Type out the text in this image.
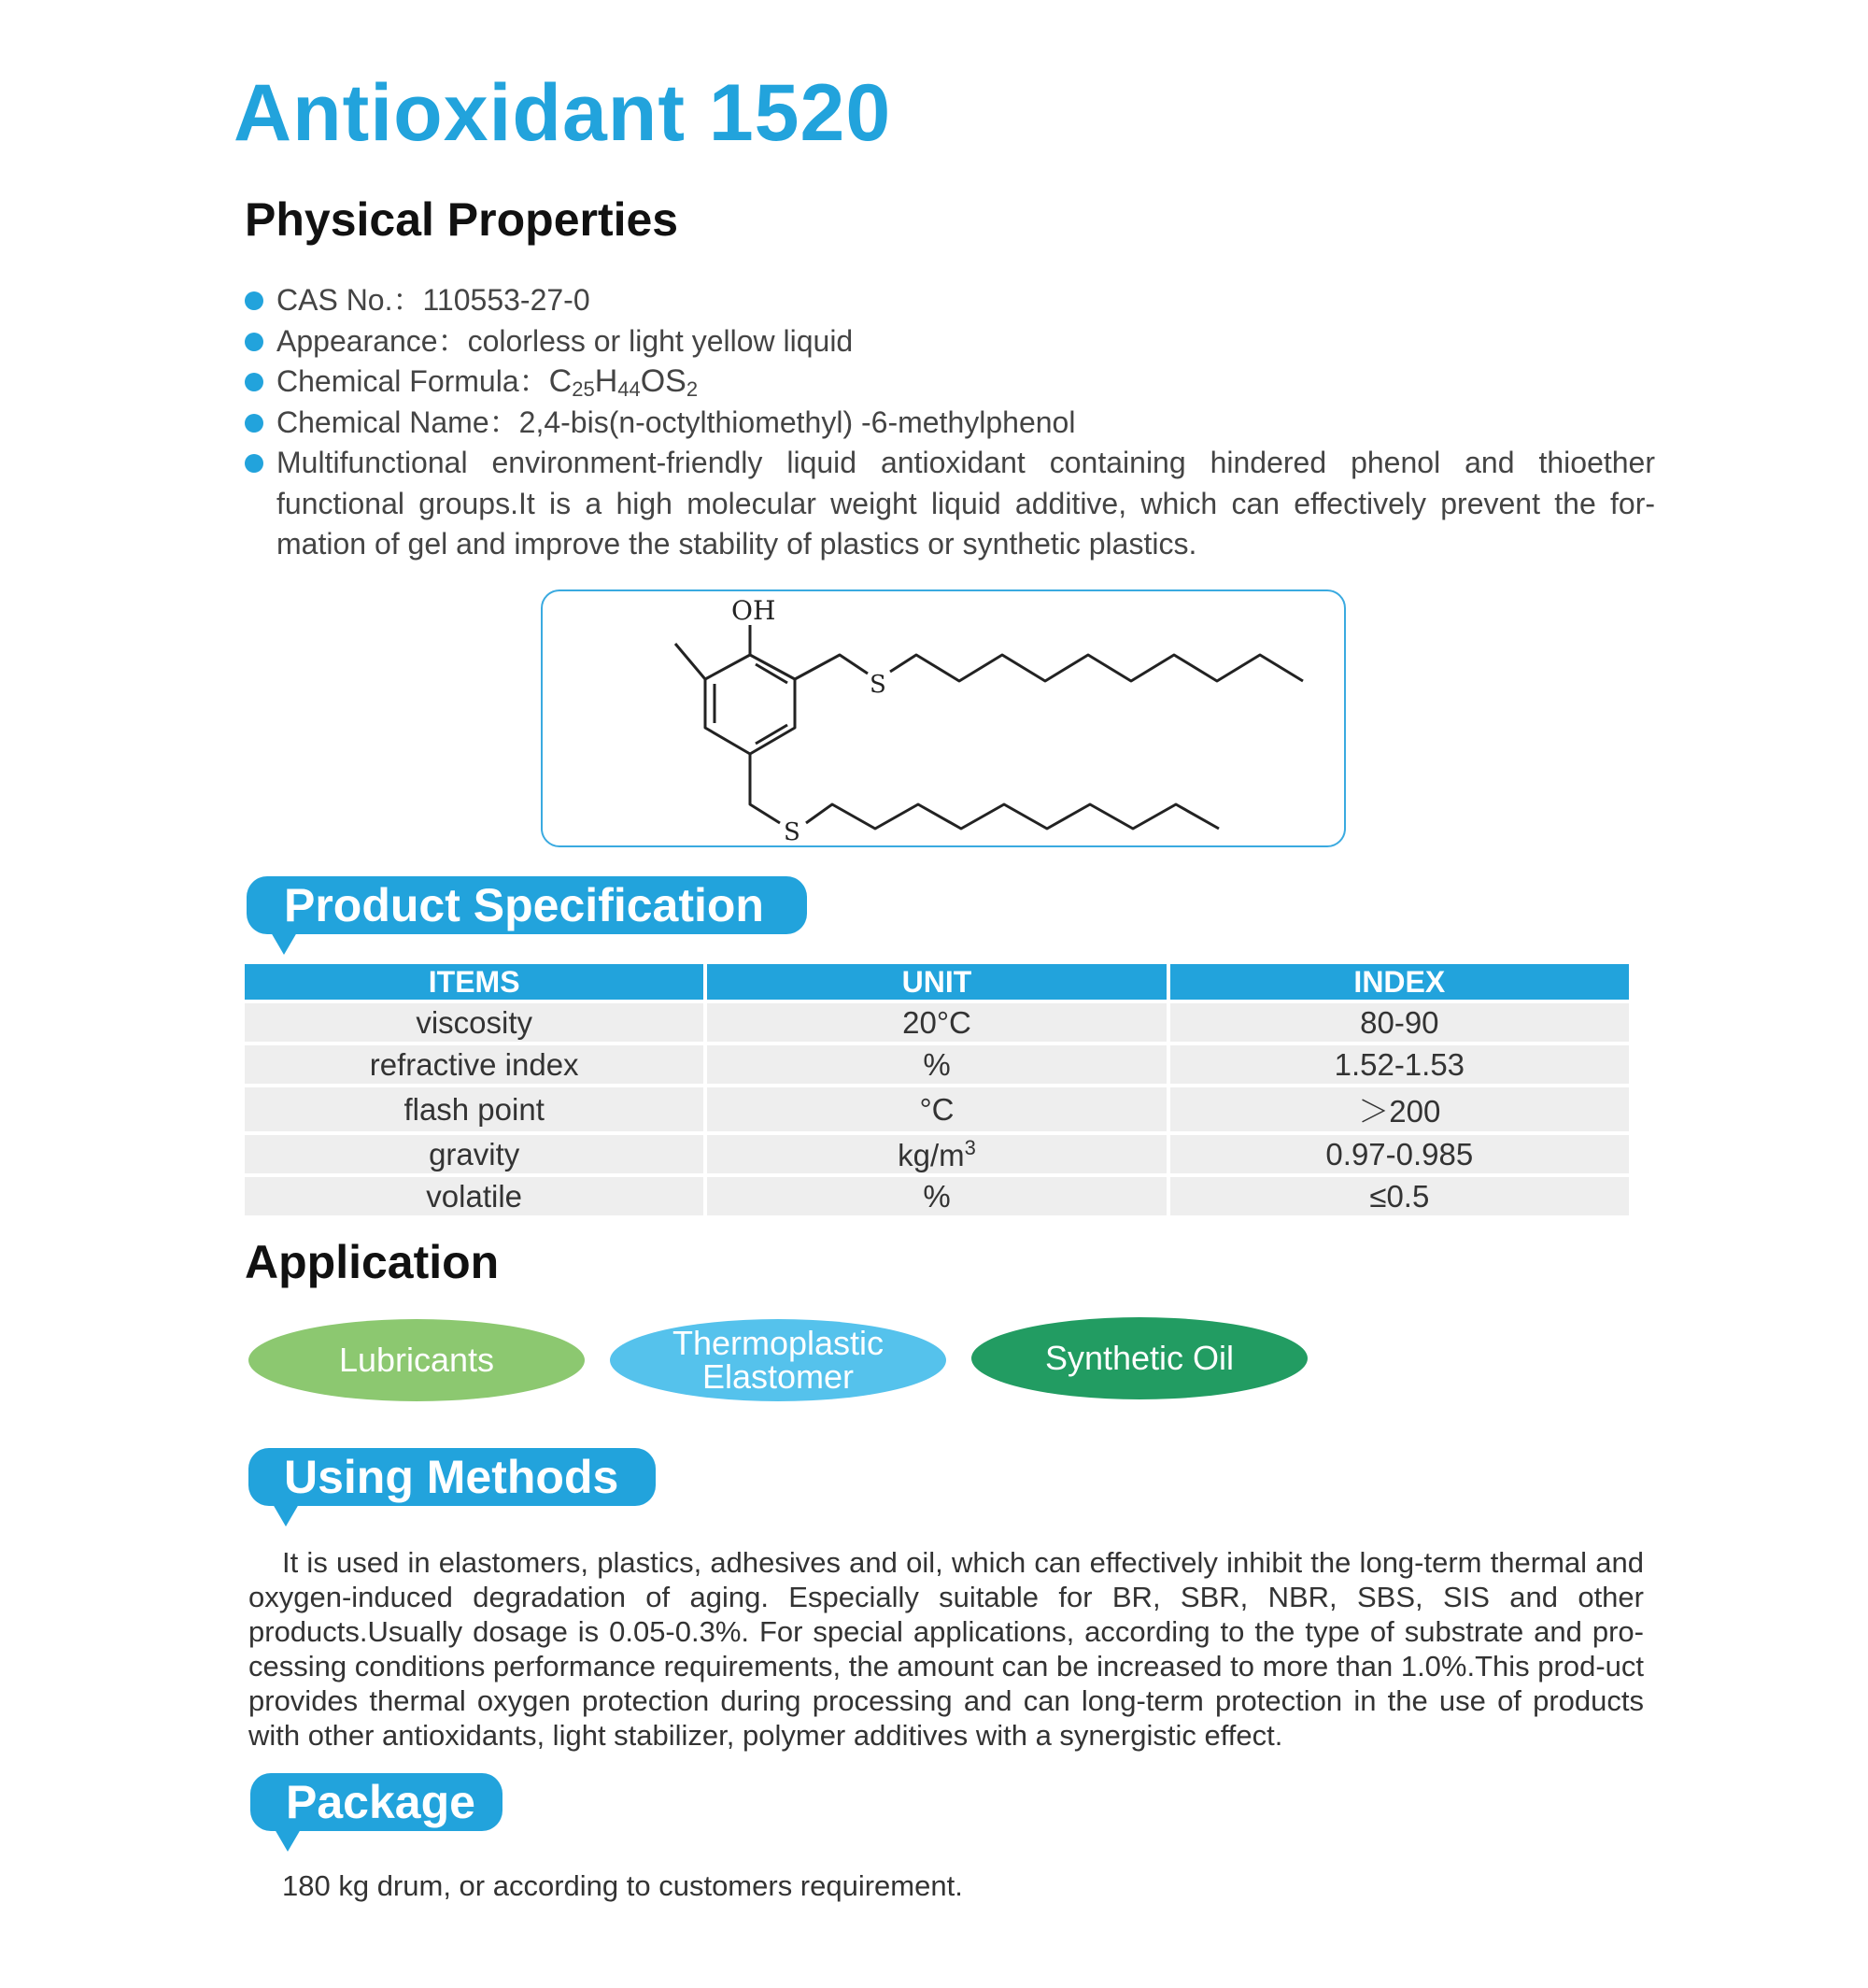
Antioxidant 1520
Physical Properties
CAS No.：110553-27-0
Appearance：colorless or light yellow liquid
Chemical Formula：$C_{25}H_{44}OS_2$
Chemical Name：2,4-bis(n-octylthiomethyl) -6-methylphenol
Multifunctional environment-friendly liquid antioxidant containing hindered phenol and thioether functional groups.It is a high molecular weight liquid additive, which can effectively prevent the for-mation of gel and improve the stability of plastics or synthetic plastics.
OH
S
S
Product Specification
ITEMS	UNIT	INDEX
viscosity	20°C	80-90
refractive index	%	1.52-1.53
flash point	°C	＞200
gravity	$kg/m^3$	0.97-0.985
volatile	%	≤0.5
Application
Lubricants	Thermoplastic
Elastomer	Synthetic Oil
Using Methods

It is used in elastomers, plastics, adhesives and oil, which can effectively inhibit the long-term thermal and oxygen-induced degradation of aging. Especially suitable for BR, SBR, NBR, SBS, SIS and other products.Usually dosage is 0.05-0.3%. For special applications, according to the type of substrate and pro-cessing conditions performance requirements, the amount can be increased to more than 1.0%.This prod-uct provides thermal oxygen protection during processing and can long-term protection in the use of products with other antioxidants, light stabilizer, polymer additives with a synergistic effect.

Package

180 kg drum, or according to customers requirement.
